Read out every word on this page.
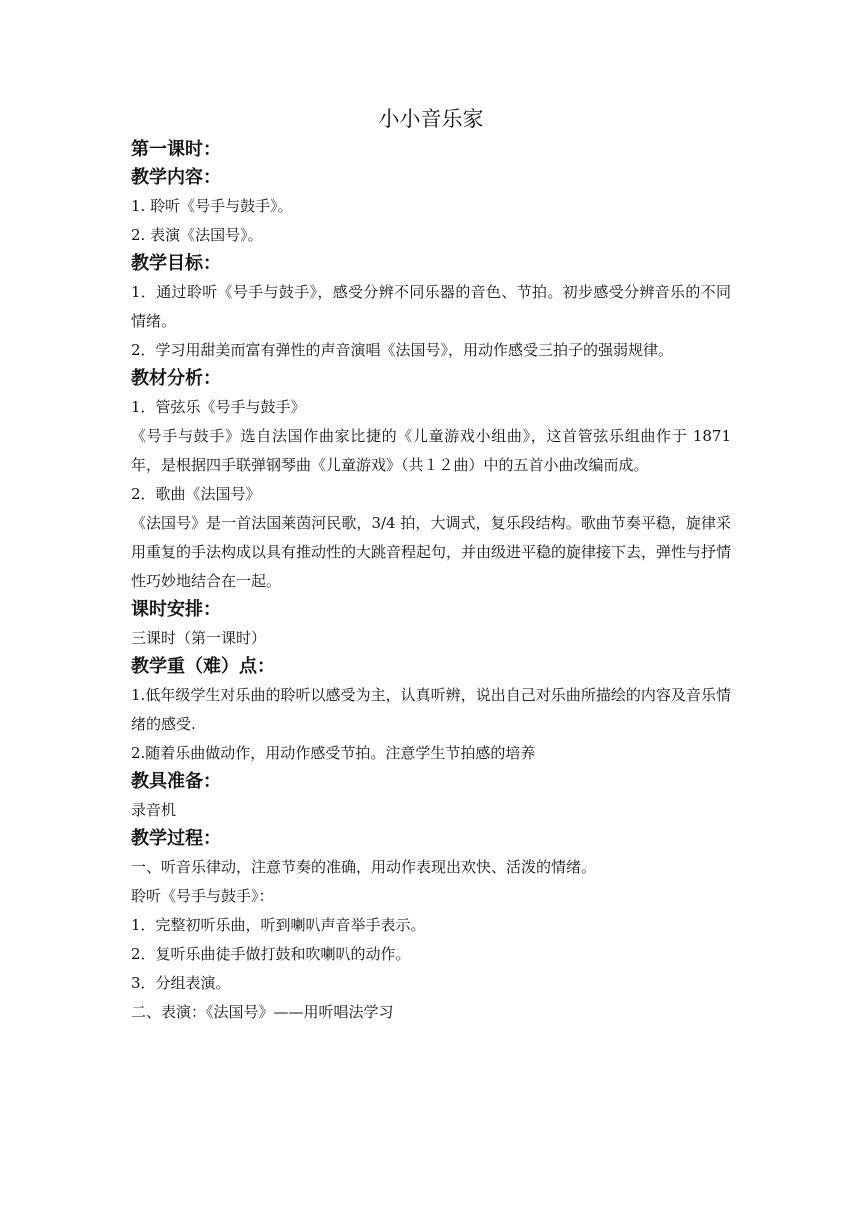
小小音乐家

第一课时：

教学内容：

1. 聆听《号手与鼓手》。

2. 表演《法国号》。

教学目标：

1．通过聆听《号手与鼓手》，感受分辨不同乐器的音色、节拍。初步感受分辨音乐的不同情绪。

2．学习用甜美而富有弹性的声音演唱《法国号》，用动作感受三拍子的强弱规律。

教材分析：

1．管弦乐《号手与鼓手》

《号手与鼓手》选自法国作曲家比捷的《儿童游戏小组曲》，这首管弦乐组曲作于 1871 年，是根据四手联弹钢琴曲《儿童游戏》（共１２曲）中的五首小曲改编而成。

2．歌曲《法国号》

《法国号》是一首法国莱茵河民歌，3/4 拍，大调式，复乐段结构。歌曲节奏平稳，旋律采用重复的手法构成以具有推动性的大跳音程起句，并由级进平稳的旋律接下去，弹性与抒情性巧妙地结合在一起。

课时安排：

三课时（第一课时）

教学重（难）点：

1.低年级学生对乐曲的聆听以感受为主，认真听辨，说出自己对乐曲所描绘的内容及音乐情绪的感受.

2.随着乐曲做动作，用动作感受节拍。注意学生节拍感的培养

教具准备：

录音机

教学过程：

一、听音乐律动，注意节奏的准确，用动作表现出欢快、活泼的情绪。

聆听《号手与鼓手》：

1．完整初听乐曲，听到喇叭声音举手表示。

2．复听乐曲徒手做打鼓和吹喇叭的动作。

3．分组表演。

二、表演：《法国号》——用听唱法学习
